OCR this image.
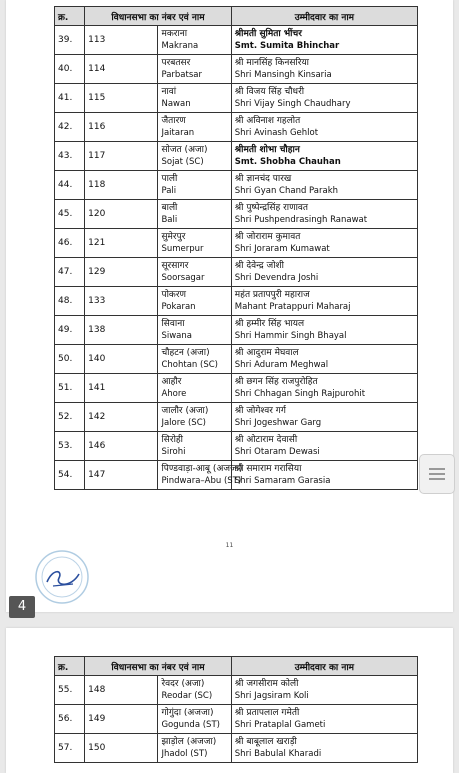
क्र.	विधानसभा का नंबर एवं नाम		उम्मीदवार का नाम
39.	113	मकराना
Makrana	श्रीमती सुमिता भींचर
Smt. Sumita Bhinchar

40.	114	परबतसर
Parbatsar	श्री मानसिंह किनसरिया
Shri Mansingh Kinsaria

41.	115	नावां
Nawan	श्री विजय सिंह चौधरी
Shri Vijay Singh Chaudhary

42.	116	जैतारण
Jaitaran	श्री अविनाश गहलोत
Shri Avinash Gehlot

43.	117	सोजत (अजा)
Sojat (SC)	श्रीमती शोभा चौहान
Smt. Shobha Chauhan

44.	118	पाली
Pali	श्री ज्ञानचंद पारख
Shri Gyan Chand Parakh

45.	120	बाली
Bali	श्री पुष्पेन्द्रसिंह राणावत
Shri Pushpendrasingh Ranawat

46.	121	सुमेरपुर
Sumerpur	श्री जोराराम कुमावत
Shri Joraram Kumawat

47.	129	सूरसागर
Soorsagar	श्री देवेन्द्र जोशी
Shri Devendra Joshi

48.	133	पोकरण
Pokaran	महंत प्रतापपुरी महाराज
Mahant Pratappuri Maharaj

49.	138	सिवाना
Siwana	श्री हम्मीर सिंह भायल
Shri Hammir Singh Bhayal

50.	140	चौहटन (अजा)
Chohtan (SC)	श्री आदुराम मेघवाल
Shri Aduram Meghwal

51.	141	आहौर
Ahore	श्री छगन सिंह राजपुरोहित
Shri Chhagan Singh Rajpurohit

52.	142	जालौर (अजा)
Jalore (SC)	श्री जोगेश्वर गर्ग
Shri Jogeshwar Garg

53.	146	सिरोही
Sirohi	श्री ओटाराम देवासी
Shri Otaram Dewasi

54.	147	पिण्डवाड़ा-आबू (अजजा)
Pindwara–Abu (ST)	श्री समाराम गरासिया
Shri Samaram Garasia
11
4
क्र.	विधानसभा का नंबर एवं नाम		उम्मीदवार का नाम
55.	148	रेवदर (अजा)
Reodar (SC)	श्री जगसीराम कोली
Shri Jagsiram Koli

56.	149	गोगुंदा (अजजा)
Gogunda (ST)	श्री प्रतापलाल गमेती
Shri Prataplal Gameti

57.	150	झाड़ोल (अजजा)
Jhadol (ST)	श्री बाबूलाल खराड़ी
Shri Babulal Kharadi
